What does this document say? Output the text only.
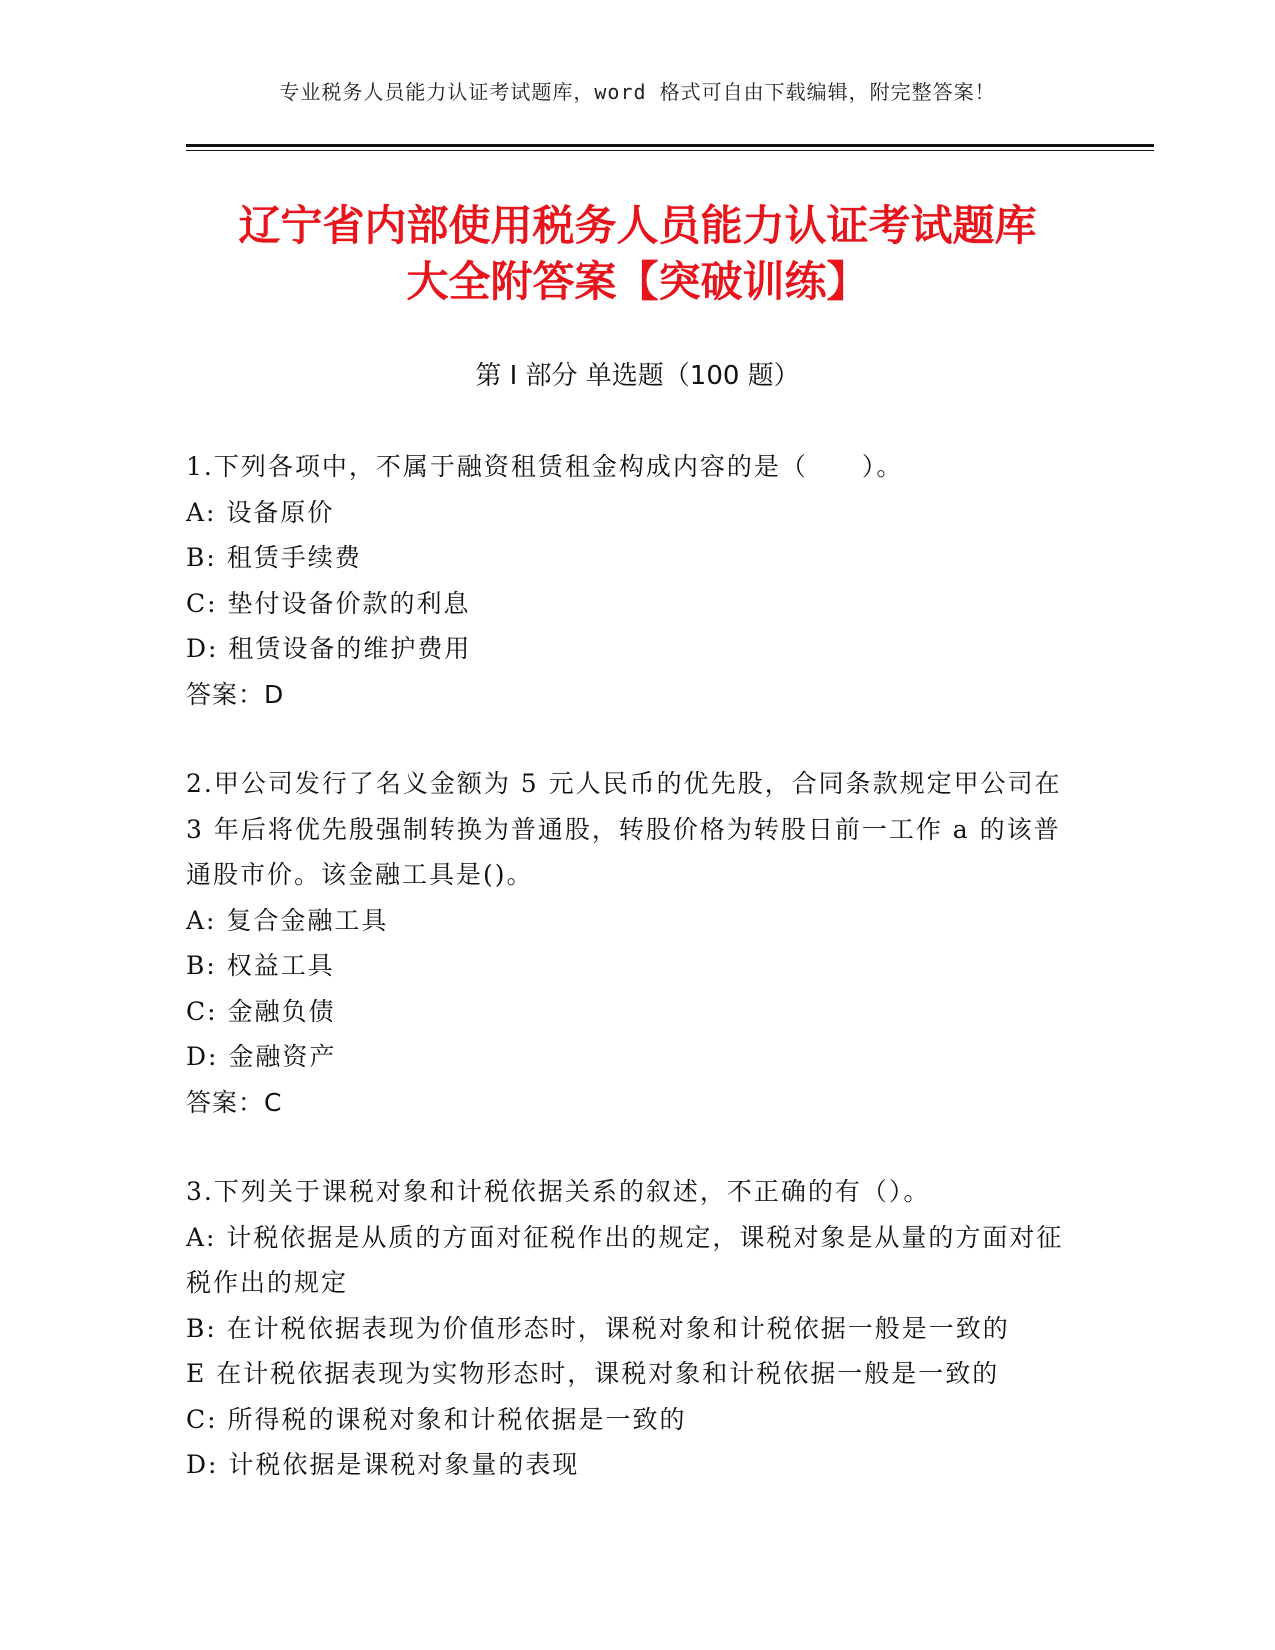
专业税务人员能力认证考试题库，word 格式可自由下载编辑，附完整答案！
辽宁省内部使用税务人员能力认证考试题库
大全附答案【突破训练】
第 I 部分 单选题（100 题）

1.下列各项中，不属于融资租赁租金构成内容的是（　　）。

A: 设备原价

B: 租赁手续费

C: 垫付设备价款的利息

D: 租赁设备的维护费用

答案：D

2.甲公司发行了名义金额为 5 元人民币的优先股，合同条款规定甲公司在 3 年后将优先殷强制转换为普通股，转股价格为转股日前一工作 a 的该普通股市价。该金融工具是()。

A: 复合金融工具

B: 权益工具

C: 金融负债

D: 金融资产

答案：C

3.下列关于课税对象和计税依据关系的叙述，不正确的有（）。

A: 计税依据是从质的方面对征税作出的规定，课税对象是从量的方面对征税作出的规定

B: 在计税依据表现为价值形态时，课税对象和计税依据一般是一致的

E 在计税依据表现为实物形态时，课税对象和计税依据一般是一致的

C: 所得税的课税对象和计税依据是一致的

D: 计税依据是课税对象量的表现
